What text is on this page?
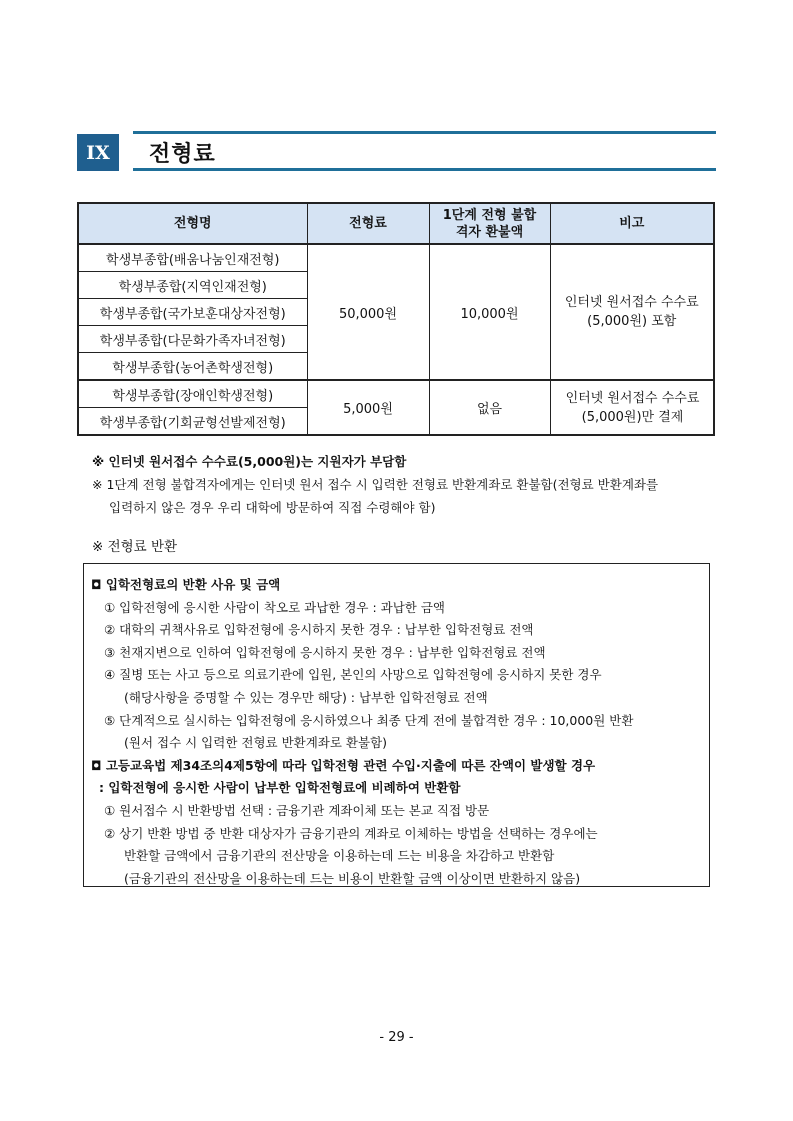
IX	전형료
전형명	전형료	1단계 전형 불합격자 환불액	비고
학생부종합(배움나눔인재전형)	50,000원	10,000원	인터넷 원서접수 수수료(5,000원) 포함

학생부종합(지역인재전형)			
학생부종합(국가보훈대상자전형)			
학생부종합(다문화가족자녀전형)			
학생부종합(농어촌학생전형)			
학생부종합(장애인학생전형)	5,000원	없음	인터넷 원서접수 수수료(5,000원)만 결제

학생부종합(기회균형선발제전형)			
※ 인터넷 원서접수 수수료(5,000원)는 지원자가 부담함
※ 1단계 전형 불합격자에게는 인터넷 원서 접수 시 입력한 전형료 반환계좌로 환불함(전형료 반환계좌를
입력하지 않은 경우 우리 대학에 방문하여 직접 수령해야 함)
※ 전형료 반환
◘ 입학전형료의 반환 사유 및 금액
① 입학전형에 응시한 사람이 착오로 과납한 경우 : 과납한 금액
② 대학의 귀책사유로 입학전형에 응시하지 못한 경우 : 납부한 입학전형료 전액
③ 천재지변으로 인하여 입학전형에 응시하지 못한 경우 : 납부한 입학전형료 전액
④ 질병 또는 사고 등으로 의료기관에 입원, 본인의 사망으로 입학전형에 응시하지 못한 경우
(해당사항을 증명할 수 있는 경우만 해당) : 납부한 입학전형료 전액
⑤ 단계적으로 실시하는 입학전형에 응시하였으나 최종 단계 전에 불합격한 경우 : 10,000원 반환
(원서 접수 시 입력한 전형료 반환계좌로 환불함)
◘ 고등교육법 제34조의4제5항에 따라 입학전형 관련 수입·지출에 따른 잔액이 발생할 경우
: 입학전형에 응시한 사람이 납부한 입학전형료에 비례하여 반환함
① 원서접수 시 반환방법 선택 : 금융기관 계좌이체 또는 본교 직접 방문
② 상기 반환 방법 중 반환 대상자가 금융기관의 계좌로 이체하는 방법을 선택하는 경우에는
반환할 금액에서 금융기관의 전산망을 이용하는데 드는 비용을 차감하고 반환함
(금융기관의 전산망을 이용하는데 드는 비용이 반환할 금액 이상이면 반환하지 않음)
- 29 -
